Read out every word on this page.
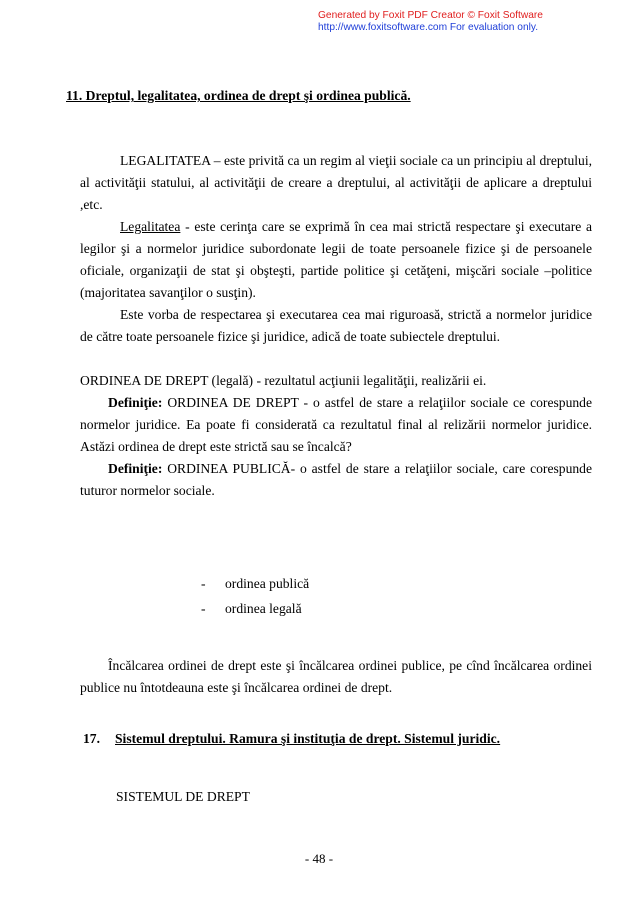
Generated by Foxit PDF Creator © Foxit Software
http://www.foxitsoftware.com For evaluation only.
11. Dreptul, legalitatea, ordinea de drept şi ordinea publică.
LEGALITATEA – este privită ca un regim al vieţii sociale ca un principiu al dreptului, al activităţii statului, al activităţii de creare a dreptului, al activităţii de aplicare a dreptului ,etc.
Legalitatea - este cerinţa care se exprimă în cea mai strictă respectare şi executare a legilor şi a normelor juridice subordonate legii de toate persoanele fizice şi de persoanele oficiale, organizaţii de stat şi obşteşti, partide politice şi cetăţeni, mişcări sociale –politice (majoritatea savanţilor o susţin).
Este vorba de respectarea şi executarea cea mai riguroasă, strictă a normelor juridice de către toate persoanele fizice şi juridice, adică de toate subiectele dreptului.
ORDINEA DE DREPT (legală) - rezultatul acţiunii legalităţii, realizării ei.
Definiţie: ORDINEA DE DREPT - o astfel de stare a relaţiilor sociale ce corespunde normelor juridice. Ea poate fi considerată ca rezultatul final al relizării normelor juridice. Astăzi ordinea de drept este strictă sau se încalcă?
Definiţie: ORDINEA PUBLICĂ- o astfel de stare a relaţiilor sociale, care corespunde tuturor normelor sociale.
- ordinea publică
- ordinea legală
Încălcarea ordinei de drept este şi încălcarea ordinei publice, pe cînd încălcarea ordinei publice nu întotdeauna este şi încălcarea ordinei de drept.
17. Sistemul dreptului. Ramura şi instituţia de drept. Sistemul juridic.
SISTEMUL DE DREPT
- 48 -
